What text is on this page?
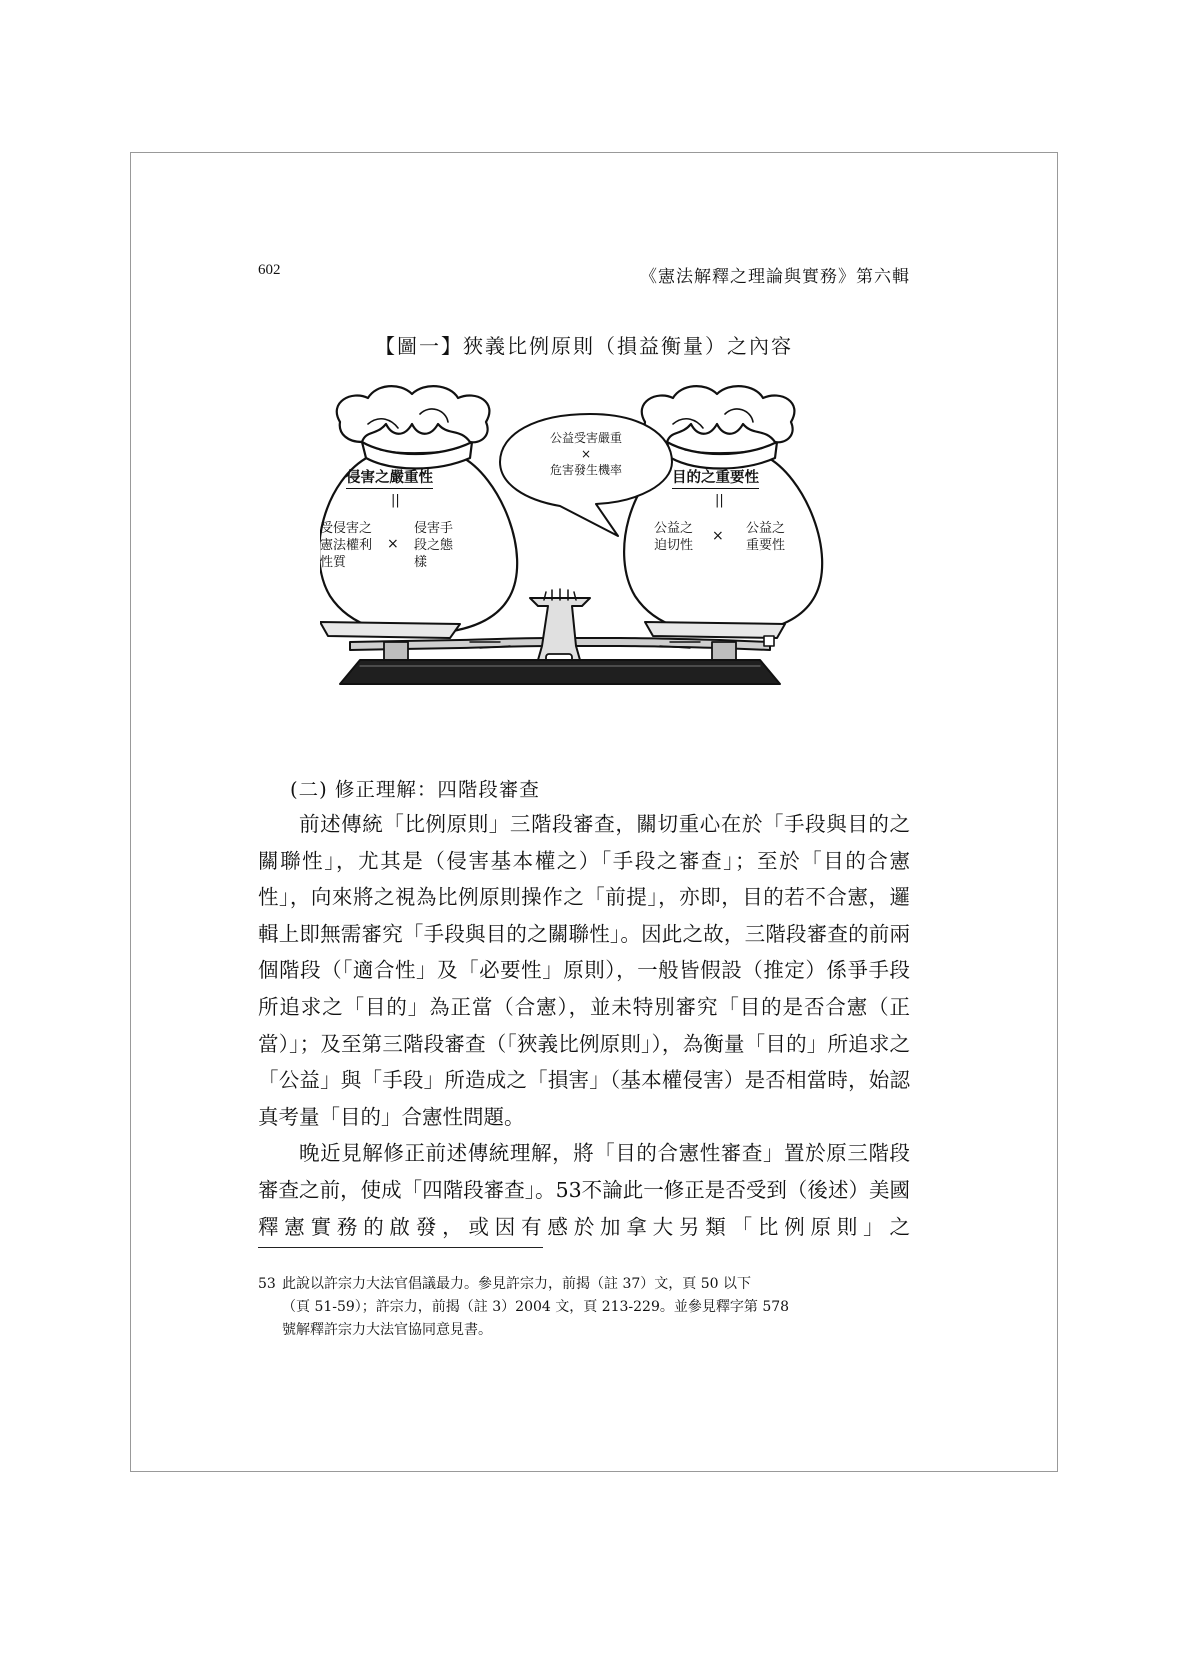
602	《憲法解釋之理論與實務》第六輯
【圖一】狹義比例原則（損益衡量）之內容
侵害之嚴重性
||
受侵害之
憲法權利
性質
×
侵害手
段之態
樣
公益受害嚴重
×
危害發生機率	目的之重要性
||
公益之
迫切性
× 公益之
重要性
(二) 修正理解：四階段審查

前述傳統「比例原則」三階段審查，關切重心在於「手段與目的之關聯性」，尤其是（侵害基本權之）「手段之審查」；至於「目的合憲性」，向來將之視為比例原則操作之「前提」，亦即，目的若不合憲，邏輯上即無需審究「手段與目的之關聯性」。因此之故，三階段審查的前兩個階段（「適合性」及「必要性」原則），一般皆假設（推定）係爭手段所追求之「目的」為正當（合憲），並未特別審究「目的是否合憲（正當）」；及至第三階段審查（「狹義比例原則」），為衡量「目的」所追求之「公益」與「手段」所造成之「損害」（基本權侵害）是否相當時，始認真考量「目的」合憲性問題。

晚近見解修正前述傳統理解，將「目的合憲性審查」置於原三階段審查之前，使成「四階段審查」。53不論此一修正是否受到（後述）美國釋憲實務的啟發，或因有感於加拿大另類「比例原則」之

53 此說以許宗力大法官倡議最力。參見許宗力，前揭（註 37）文，頁 50 以下
（頁 51-59）；許宗力，前揭（註 3）2004 文，頁 213-229。並參見釋字第 578
號解釋許宗力大法官協同意見書。
